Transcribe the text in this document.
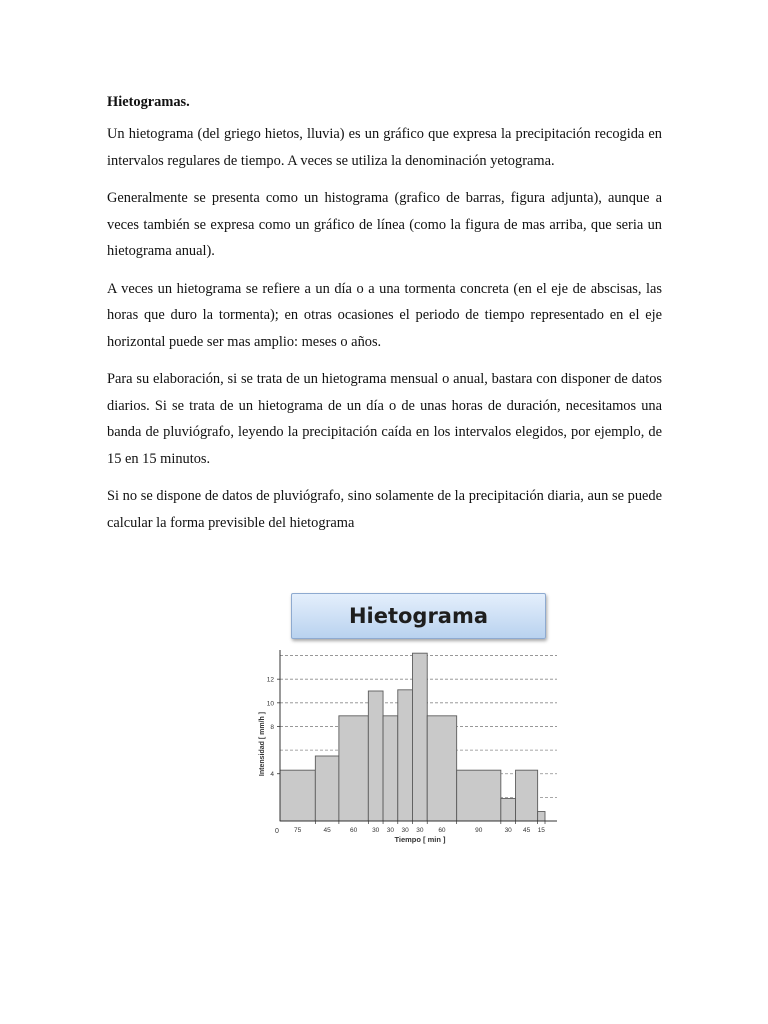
Hietogramas.

Un hietograma (del griego hietos, lluvia) es un gráfico que expresa la precipitación recogida en intervalos regulares de tiempo. A veces se utiliza la denominación yetograma.

Generalmente se presenta como un histograma (grafico de barras, figura adjunta), aunque a veces también se expresa como un gráfico de línea (como la figura de mas arriba, que seria un hietograma anual).

A veces un hietograma se refiere a un día o a una tormenta concreta (en el eje de abscisas, las horas que duro la tormenta); en otras ocasiones el periodo de tiempo representado en el eje horizontal puede ser mas amplio: meses o años.

Para su elaboración, si se trata de un hietograma mensual o anual, bastara con disponer de datos diarios. Si se trata de un hietograma de un día o de unas horas de duración, necesitamos una banda de pluviógrafo, leyendo la precipitación caída en los intervalos elegidos, por ejemplo, de 15 en 15 minutos.

Si no se dispone de datos de pluviógrafo, sino solamente de la precipitación diaria, aun se puede calcular la forma previsible del hietograma

Hietograma
4
8
10
12
0 75	45	60 30 30 30 30 60	90	30 45 15
Intensidad [ mm/h ]
Tiempo [ min ]
